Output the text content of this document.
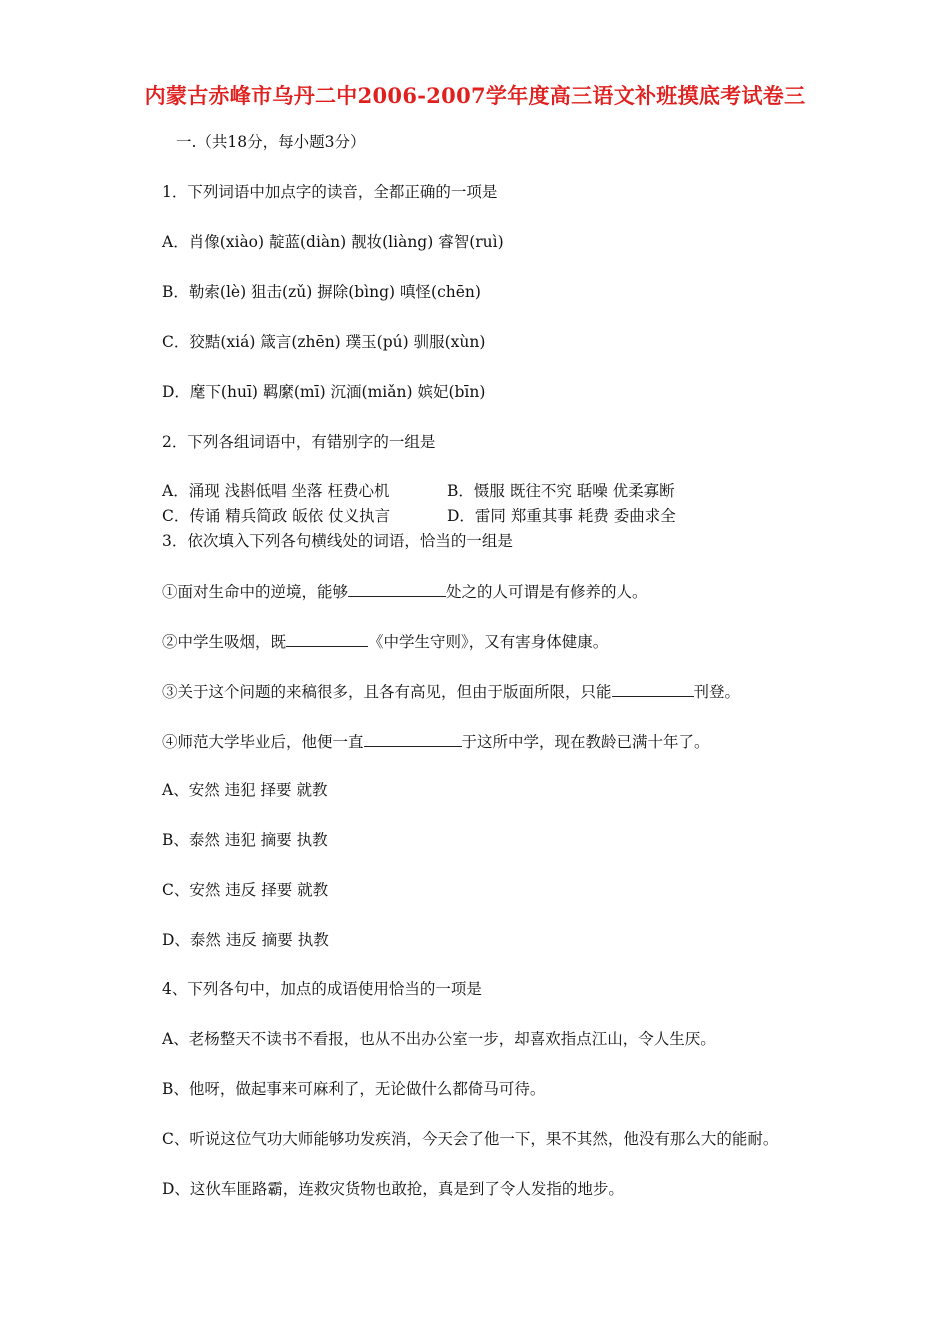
内蒙古赤峰市乌丹二中2006-2007学年度高三语文补班摸底考试卷三
一.（共18分，每小题3分）
1．下列词语中加点字的读音，全都正确的一项是
A．肖像(xiào) 靛蓝(diàn) 靓妆(liàng) 睿智(ruì)
B．勒索(lè) 狙击(zǔ) 摒除(bìng) 嗔怪(chēn)
C．狡黠(xiá) 箴言(zhēn) 璞玉(pú) 驯服(xùn)
D．麾下(huī) 羁縻(mī) 沉湎(miǎn) 嫔妃(bīn)
2．下列各组词语中，有错别字的一组是
A．涌现 浅斟低唱 坐落 枉费心机	B．慑服 既往不究 聒噪 优柔寡断
C．传诵 精兵简政 皈依 仗义执言	D．雷同 郑重其事 耗费 委曲求全
3．依次填入下列各句横线处的词语，恰当的一组是
①面对生命中的逆境，能够	处之的人可谓是有修养的人。
②中学生吸烟，既	《中学生守则》，又有害身体健康。
③关于这个问题的来稿很多，且各有高见，但由于版面所限，只能	刊登。
④师范大学毕业后，他便一直	于这所中学，现在教龄已满十年了。
A、安然 违犯 择要 就教
B、泰然 违犯 摘要 执教
C、安然 违反 择要 就教
D、泰然 违反 摘要 执教
4、下列各句中，加点的成语使用恰当的一项是
A、老杨整天不读书不看报，也从不出办公室一步，却喜欢指点江山，令人生厌。
B、他呀，做起事来可麻利了，无论做什么都倚马可待。
C、听说这位气功大师能够功发疾消，今天会了他一下，果不其然，他没有那么大的能耐。
D、这伙车匪路霸，连救灾货物也敢抢，真是到了令人发指的地步。
